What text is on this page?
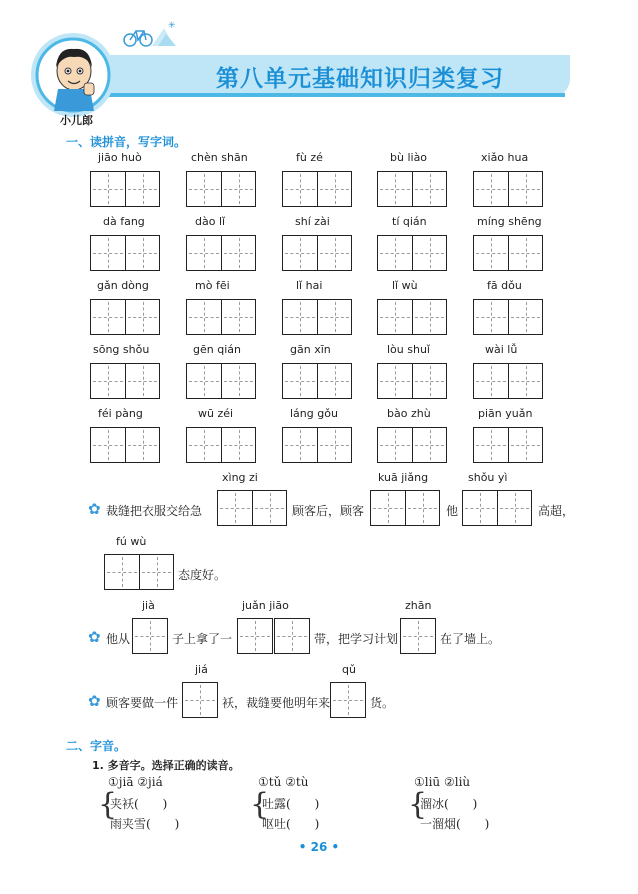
✳
小儿郎
第八单元基础知识归类复习
一、读拼音，写字词。
jiāo huò	chèn shān	fù zé	bù liào	xiǎo hua
dà fang	dào lǐ	shí zài	tí qián	míng shēng
gǎn dòng	mò fēi	lǐ hai	lǐ wù	fā dǒu
sōng shǒu	gēn qián	gān xīn	lòu shuǐ	wài lǚ
féi pàng	wū zéi	láng gǒu	bào zhù	piān yuǎn
xìng zi	kuā jiǎng	shǒu yì
✿ 裁缝把衣服交给急	顾客后，顾客	他	高超，
fú wù
态度好。
jià	juǎn jiāo	zhān
✿ 他从	子上拿了一	带，把学习计划	在了墙上。
jiá	qǔ
✿ 顾客要做一件	袄，裁缝要他明年来	货。
二、字音。
1. 多音字。选择正确的读音。
①jiā ②jiá
{
夹袄(　　)
雨夹雪(　　)
①tǔ ②tù
{
吐露(　　)
呕吐(　　)
①liū ②liù
{
溜冰(　　)
一溜烟(　　)
• 26 •
